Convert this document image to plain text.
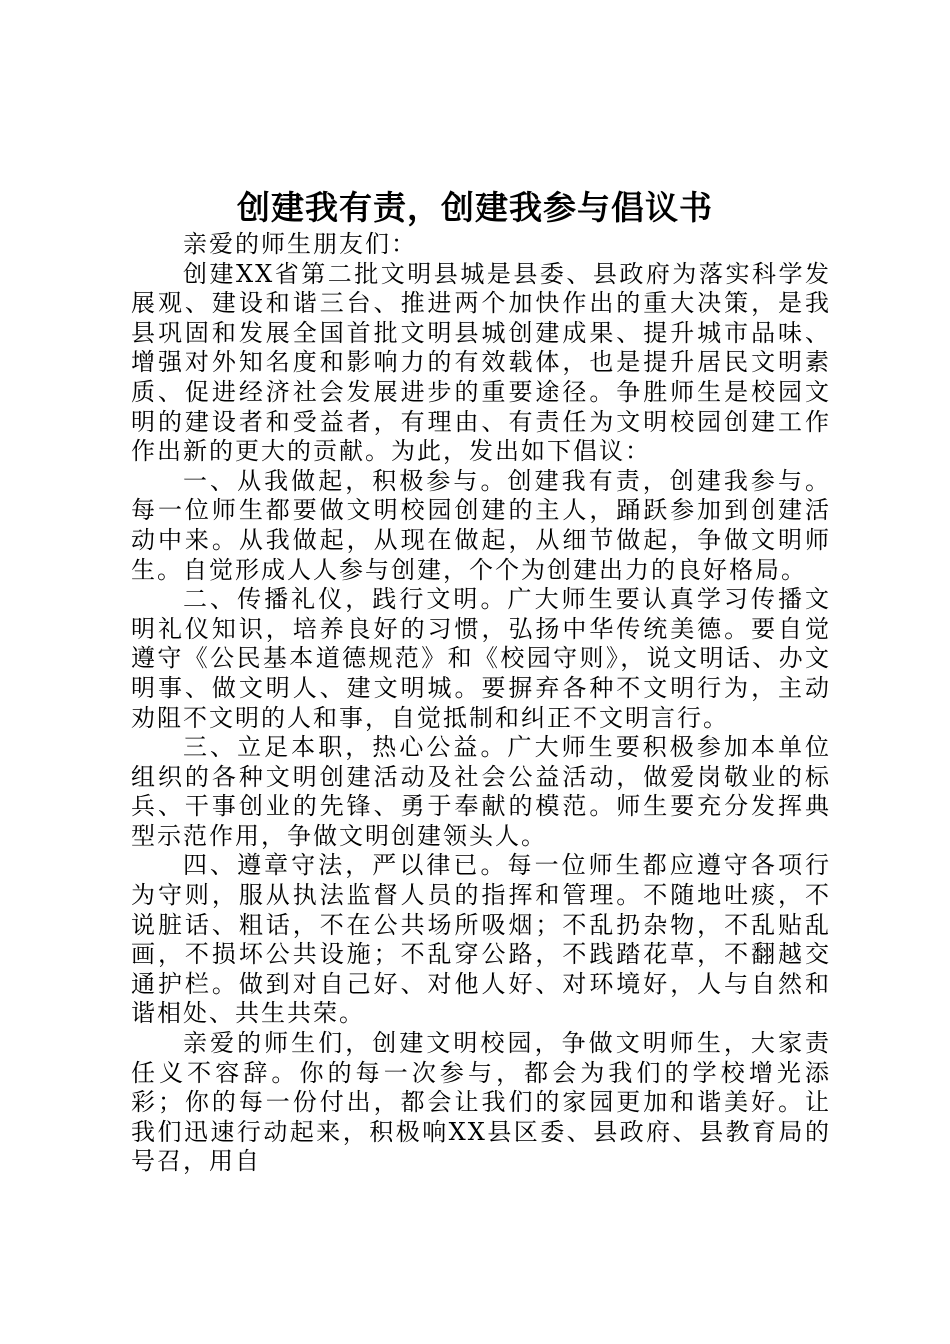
创建我有责，创建我参与倡议书

亲爱的师生朋友们：

创建XX省第二批文明县城是县委、县政府为落实科学发展观、建设和谐三台、推进两个加快作出的重大决策，是我县巩固和发展全国首批文明县城创建成果、提升城市品味、增强对外知名度和影响力的有效载体，也是提升居民文明素质、促进经济社会发展进步的重要途径。争胜师生是校园文明的建设者和受益者，有理由、有责任为文明校园创建工作作出新的更大的贡献。为此，发出如下倡议：

一、从我做起，积极参与。创建我有责，创建我参与。每一位师生都要做文明校园创建的主人，踊跃参加到创建活动中来。从我做起，从现在做起，从细节做起，争做文明师生。自觉形成人人参与创建，个个为创建出力的良好格局。

二、传播礼仪，践行文明。广大师生要认真学习传播文明礼仪知识，培养良好的习惯，弘扬中华传统美德。要自觉遵守《公民基本道德规范》和《校园守则》，说文明话、办文明事、做文明人、建文明城。要摒弃各种不文明行为，主动劝阻不文明的人和事，自觉抵制和纠正不文明言行。

三、立足本职，热心公益。广大师生要积极参加本单位组织的各种文明创建活动及社会公益活动，做爱岗敬业的标兵、干事创业的先锋、勇于奉献的模范。师生要充分发挥典型示范作用，争做文明创建领头人。

四、遵章守法，严以律已。每一位师生都应遵守各项行为守则，服从执法监督人员的指挥和管理。不随地吐痰，不说脏话、粗话，不在公共场所吸烟；不乱扔杂物，不乱贴乱画，不损坏公共设施；不乱穿公路，不践踏花草，不翻越交通护栏。做到对自己好、对他人好、对环境好，人与自然和谐相处、共生共荣。

亲爱的师生们，创建文明校园，争做文明师生，大家责任义不容辞。你的每一次参与，都会为我们的学校增光添彩；你的每一份付出，都会让我们的家园更加和谐美好。让我们迅速行动起来，积极响XX县区委、县政府、县教育局的号召，用自
